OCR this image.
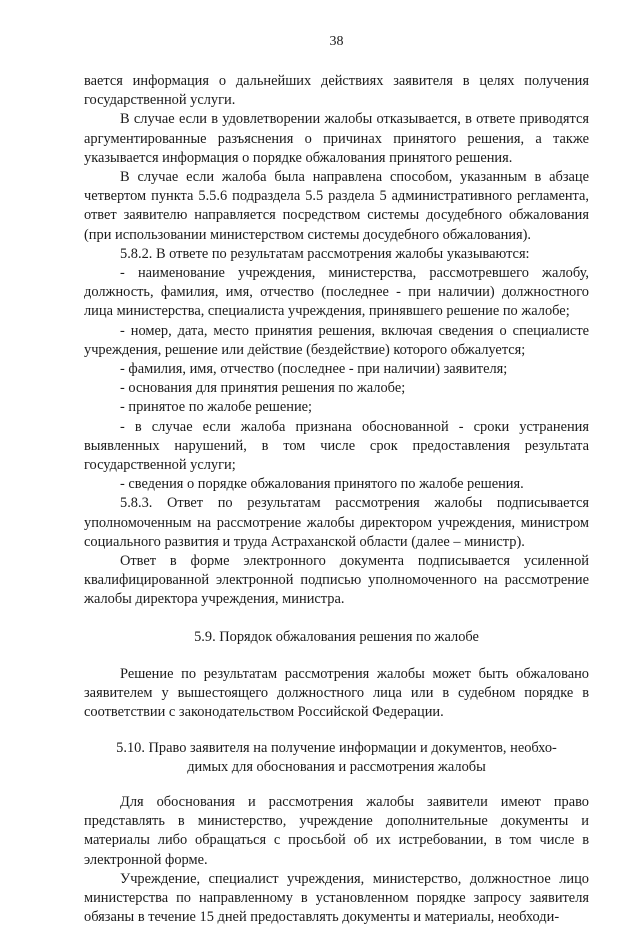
38

вается информация о дальнейших действиях заявителя в целях получения государственной услуги.

В случае если в удовлетворении жалобы отказывается, в ответе приводятся аргументированные разъяснения о причинах принятого решения, а также указывается информация о порядке обжалования принятого решения.

В случае если жалоба была направлена способом, указанным в абзаце четвертом пункта 5.5.6 подраздела 5.5 раздела 5 административного регламента, ответ заявителю направляется посредством системы досудебного обжалования (при использовании министерством системы досудебного обжалования).

5.8.2. В ответе по результатам рассмотрения жалобы указываются:

- наименование учреждения, министерства, рассмотревшего жалобу, должность, фамилия, имя, отчество (последнее - при наличии) должностного лица министерства, специалиста учреждения, принявшего решение по жалобе;

- номер, дата, место принятия решения, включая сведения о специалисте учреждения, решение или действие (бездействие) которого обжалуется;

- фамилия, имя, отчество (последнее - при наличии) заявителя;

- основания для принятия решения по жалобе;

- принятое по жалобе решение;

- в случае если жалоба признана обоснованной - сроки устранения выявленных нарушений, в том числе срок предоставления результата государственной услуги;

- сведения о порядке обжалования принятого по жалобе решения.

5.8.3. Ответ по результатам рассмотрения жалобы подписывается уполномоченным на рассмотрение жалобы директором учреждения, министром социального развития и труда Астраханской области (далее – министр).

Ответ в форме электронного документа подписывается усиленной квалифицированной электронной подписью уполномоченного на рассмотрение жалобы директора учреждения, министра.

5.9. Порядок обжалования решения по жалобе

Решение по результатам рассмотрения жалобы может быть обжаловано заявителем у вышестоящего должностного лица или в судебном порядке в соответствии с законодательством Российской Федерации.

5.10. Право заявителя на получение информации и документов, необхо-
димых для обоснования и рассмотрения жалобы

Для обоснования и рассмотрения жалобы заявители имеют право представлять в министерство, учреждение дополнительные документы и материалы либо обращаться с просьбой об их истребовании, в том числе в электронной форме.

Учреждение, специалист учреждения, министерство, должностное лицо министерства по направленному в установленном порядке запросу заявителя обязаны в течение 15 дней предоставлять документы и материалы, необходи-
